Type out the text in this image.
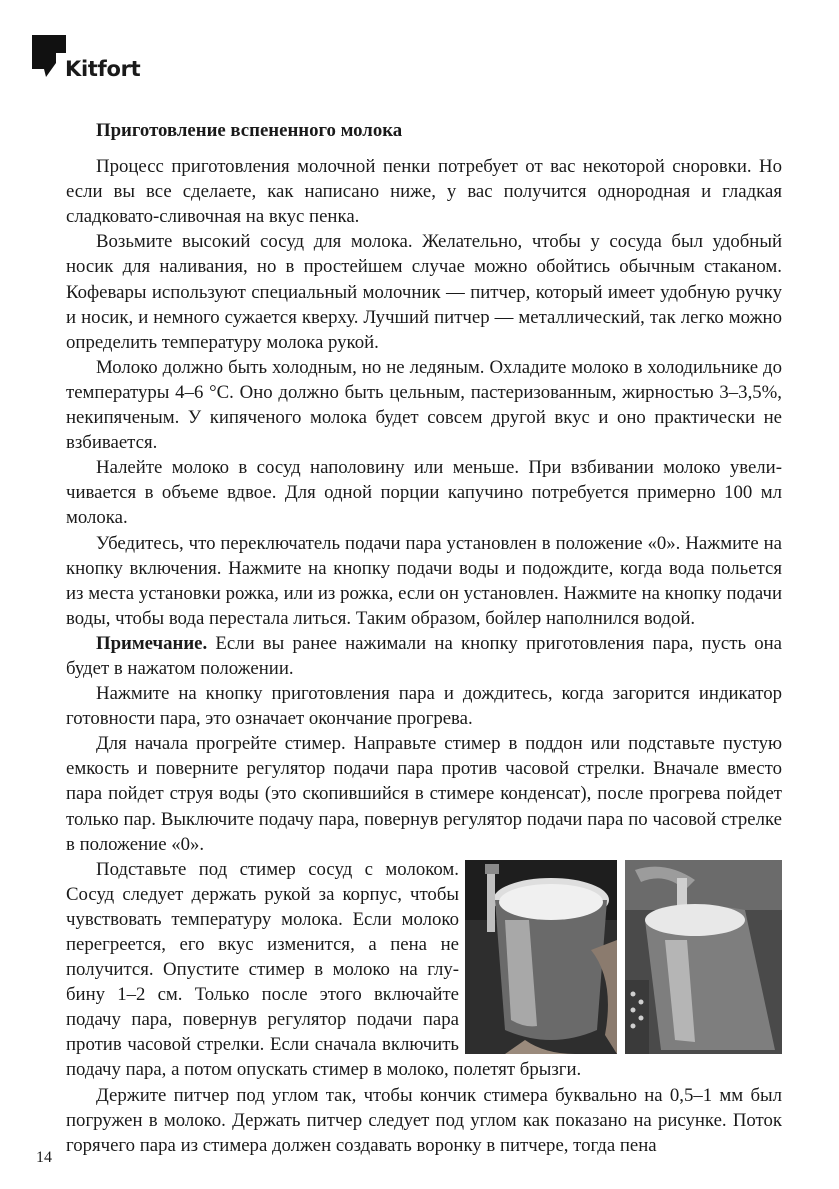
Kitfort
Приготовление вспененного молока

Процесс приготовления молочной пенки потребует от вас некоторой сноровки. Но если вы все сделаете, как написано ниже, у вас получится однородная и гладкая сладковато-сливочная на вкус пенка.

Возьмите высокий сосуд для молока. Желательно, чтобы у сосуда был удобный носик для наливания, но в простейшем случае можно обойтись обычным стаканом. Кофевары используют специальный молочник — питчер, который имеет удобную ручку и носик, и немного сужается кверху. Лучший питчер — металлический, так легко можно определить температуру молока рукой.

Молоко должно быть холодным, но не ледяным. Охладите молоко в холодильнике до температуры 4–6 °C. Оно должно быть цельным, пастеризованным, жирностью 3–3,5%, некипяченым. У кипяченого молока будет совсем другой вкус и оно практически не взбивается.

Налейте молоко в сосуд наполовину или меньше. При взбивании молоко увеличивается в объеме вдвое. Для одной порции капучино потребуется примерно 100 мл молока.

Убедитесь, что переключатель подачи пара установлен в положение «0». Нажмите на кнопку включения. Нажмите на кнопку подачи воды и подождите, когда вода польется из места установки рожка, или из рожка, если он установлен. Нажмите на кнопку подачи воды, чтобы вода перестала литься. Таким образом, бойлер наполнился водой.

Примечание. Если вы ранее нажимали на кнопку приготовления пара, пусть она будет в нажатом положении.

Нажмите на кнопку приготовления пара и дождитесь, когда загорится индикатор готовности пара, это означает окончание прогрева.

Для начала прогрейте стимер. Направьте стимер в поддон или подставьте пустую емкость и поверните регулятор подачи пара против часовой стрелки. Вначале вместо пара пойдет струя воды (это скопившийся в стимере конденсат), после прогрева пойдет только пар. Выключите подачу пара, повернув регулятор подачи пара по часовой стрелке в положение «0».

Подставьте под стимер сосуд с молоком. Сосуд следует держать рукой за корпус, чтобы чувствовать температуру молока. Если молоко перегреется, его вкус изменится, а пена не получится. Опустите стимер в молоко на глубину 1–2 см. Только после этого включайте подачу пара, повернув регулятор подачи пара против часовой стрелки. Если сначала включить подачу пара, а потом опускать стимер в молоко, полетят брызги.

Держите питчер под углом так, чтобы кончик стимера буквально на 0,5–1 мм был погружен в молоко. Держать питчер следует под углом как показано на рисунке. Поток горячего пара из стимера должен создавать воронку в питчере, тогда пена

14
